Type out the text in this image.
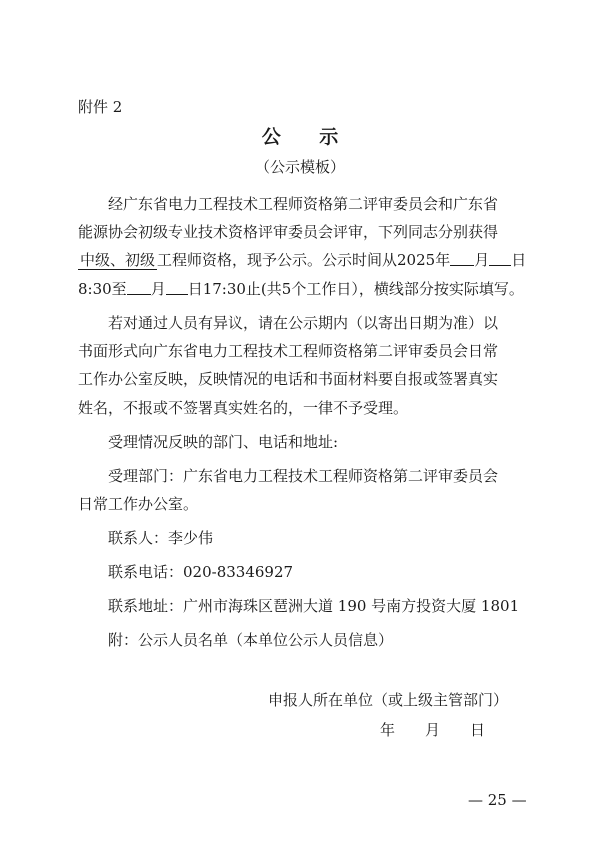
附件 2
公 示
（公示模板）
经广东省电力工程技术工程师资格第二评审委员会和广东省
能源协会初级专业技术资格评审委员会评审，下列同志分别获得
中级、初级 工程师资格，现予公示。公示时间从2025年 月 日
8:30至 月 日17:30止(共5个工作日），横线部分按实际填写。
若对通过人员有异议，请在公示期内（以寄出日期为准）以
书面形式向广东省电力工程技术工程师资格第二评审委员会日常
工作办公室反映，反映情况的电话和书面材料要自报或签署真实
姓名，不报或不签署真实姓名的，一律不予受理。
受理情况反映的部门、电话和地址:
受理部门：广东省电力工程技术工程师资格第二评审委员会
日常工作办公室。
联系人：李少伟
联系电话：020-83346927
联系地址：广州市海珠区琶洲大道 190 号南方投资大厦 1801
附：公示人员名单（本单位公示人员信息）
申报人所在单位（或上级主管部门）
年　　月　　日
— 25 —
